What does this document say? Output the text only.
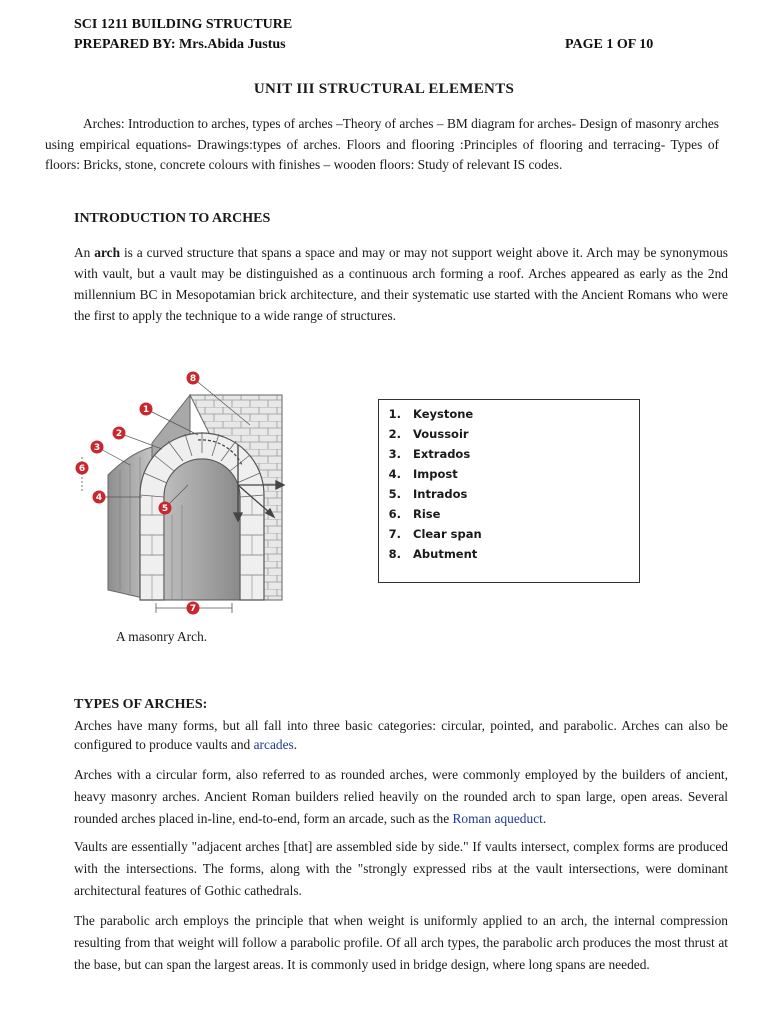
SCI 1211 BUILDING STRUCTURE
PREPARED BY: Mrs.Abida Justus	PAGE 1 OF 10
UNIT III STRUCTURAL ELEMENTS
Arches: Introduction to arches, types of arches –Theory of arches – BM diagram for arches- Design of masonry arches using empirical equations- Drawings:types of arches. Floors and flooring :Principles of flooring and terracing- Types of floors: Bricks, stone, concrete colours with finishes – wooden floors: Study of relevant IS codes.
INTRODUCTION TO ARCHES
An arch is a curved structure that spans a space and may or may not support weight above it. Arch may be synonymous with vault, but a vault may be distinguished as a continuous arch forming a roof. Arches appeared as early as the 2nd millennium BC in Mesopotamian brick architecture, and their systematic use started with the Ancient Romans who were the first to apply the technique to a wide range of structures.
1
2
3
4
5
6
7
8
A masonry Arch.
1. Keystone
2. Voussoir
3. Extrados
4. Impost
5. Intrados
6. Rise
7. Clear span
8. Abutment
TYPES OF ARCHES:
Arches have many forms, but all fall into three basic categories: circular, pointed, and parabolic. Arches can also be configured to produce vaults and arcades.
Arches with a circular form, also referred to as rounded arches, were commonly employed by the builders of ancient, heavy masonry arches. Ancient Roman builders relied heavily on the rounded arch to span large, open areas. Several rounded arches placed in-line, end-to-end, form an arcade, such as the Roman aqueduct.
Vaults are essentially "adjacent arches [that] are assembled side by side." If vaults intersect, complex forms are produced with the intersections. The forms, along with the "strongly expressed ribs at the vault intersections, were dominant architectural features of Gothic cathedrals.
The parabolic arch employs the principle that when weight is uniformly applied to an arch, the internal compression resulting from that weight will follow a parabolic profile. Of all arch types, the parabolic arch produces the most thrust at the base, but can span the largest areas. It is commonly used in bridge design, where long spans are needed.
